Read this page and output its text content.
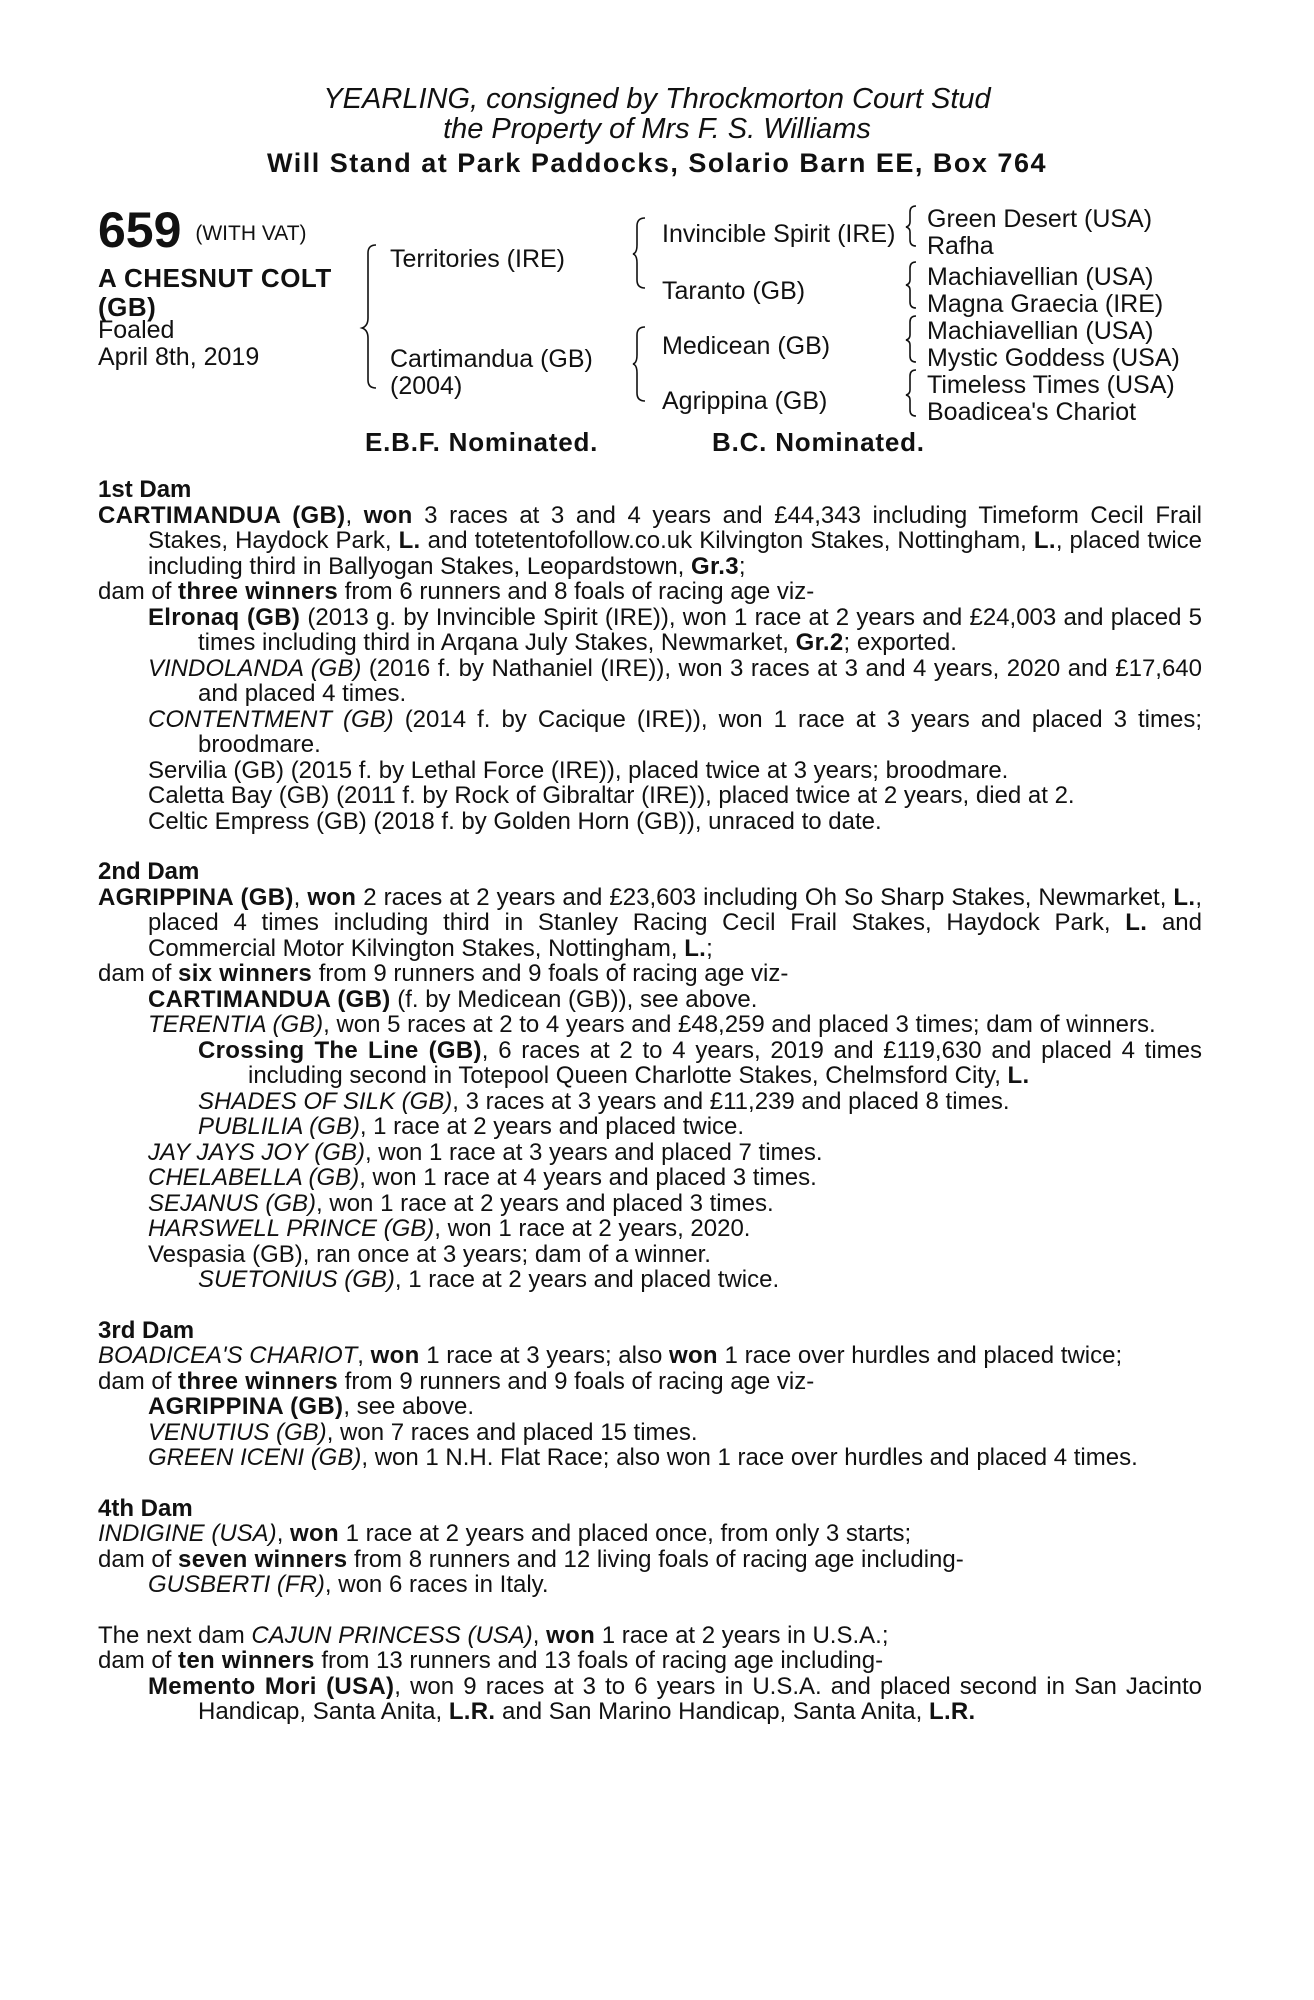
YEARLING, consigned by Throckmorton Court Stud
the Property of Mrs F. S. Williams
Will Stand at Park Paddocks, Solario Barn EE, Box 764
659 (WITH VAT)
A CHESNUT COLT
(GB)
Foaled
April 8th, 2019
Territories (IRE)
Cartimandua (GB)
(2004)
Invincible Spirit (IRE)
Taranto (GB)
Medicean (GB)
Agrippina (GB)
Green Desert (USA)
Rafha
Machiavellian (USA)
Magna Graecia (IRE)
Machiavellian (USA)
Mystic Goddess (USA)
Timeless Times (USA)
Boadicea's Chariot
E.B.F. Nominated.	B.C. Nominated.
1st Dam
CARTIMANDUA (GB), won 3 races at 3 and 4 years and £44,343 including Timeform Cecil Frail Stakes, Haydock Park, L. and totetentofollow.co.uk Kilvington Stakes, Nottingham, L., placed twice including third in Ballyogan Stakes, Leopardstown, Gr.3;
dam of three winners from 6 runners and 8 foals of racing age viz-
Elronaq (GB) (2013 g. by Invincible Spirit (IRE)), won 1 race at 2 years and £24,003 and placed 5 times including third in Arqana July Stakes, Newmarket, Gr.2; exported.
VINDOLANDA (GB) (2016 f. by Nathaniel (IRE)), won 3 races at 3 and 4 years, 2020 and £17,640 and placed 4 times.
CONTENTMENT (GB) (2014 f. by Cacique (IRE)), won 1 race at 3 years and placed 3 times; broodmare.
Servilia (GB) (2015 f. by Lethal Force (IRE)), placed twice at 3 years; broodmare.
Caletta Bay (GB) (2011 f. by Rock of Gibraltar (IRE)), placed twice at 2 years, died at 2.
Celtic Empress (GB) (2018 f. by Golden Horn (GB)), unraced to date.
2nd Dam
AGRIPPINA (GB), won 2 races at 2 years and £23,603 including Oh So Sharp Stakes, Newmarket, L., placed 4 times including third in Stanley Racing Cecil Frail Stakes, Haydock Park, L. and Commercial Motor Kilvington Stakes, Nottingham, L.;
dam of six winners from 9 runners and 9 foals of racing age viz-
CARTIMANDUA (GB) (f. by Medicean (GB)), see above.
TERENTIA (GB), won 5 races at 2 to 4 years and £48,259 and placed 3 times; dam of winners.
Crossing The Line (GB), 6 races at 2 to 4 years, 2019 and £119,630 and placed 4 times including second in Totepool Queen Charlotte Stakes, Chelmsford City, L.
SHADES OF SILK (GB), 3 races at 3 years and £11,239 and placed 8 times.
PUBLILIA (GB), 1 race at 2 years and placed twice.
JAY JAYS JOY (GB), won 1 race at 3 years and placed 7 times.
CHELABELLA (GB), won 1 race at 4 years and placed 3 times.
SEJANUS (GB), won 1 race at 2 years and placed 3 times.
HARSWELL PRINCE (GB), won 1 race at 2 years, 2020.
Vespasia (GB), ran once at 3 years; dam of a winner.
SUETONIUS (GB), 1 race at 2 years and placed twice.
3rd Dam
BOADICEA'S CHARIOT, won 1 race at 3 years; also won 1 race over hurdles and placed twice;
dam of three winners from 9 runners and 9 foals of racing age viz-
AGRIPPINA (GB), see above.
VENUTIUS (GB), won 7 races and placed 15 times.
GREEN ICENI (GB), won 1 N.H. Flat Race; also won 1 race over hurdles and placed 4 times.
4th Dam
INDIGINE (USA), won 1 race at 2 years and placed once, from only 3 starts;
dam of seven winners from 8 runners and 12 living foals of racing age including-
GUSBERTI (FR), won 6 races in Italy.
The next dam CAJUN PRINCESS (USA), won 1 race at 2 years in U.S.A.;
dam of ten winners from 13 runners and 13 foals of racing age including-
Memento Mori (USA), won 9 races at 3 to 6 years in U.S.A. and placed second in San Jacinto Handicap, Santa Anita, L.R. and San Marino Handicap, Santa Anita, L.R.
